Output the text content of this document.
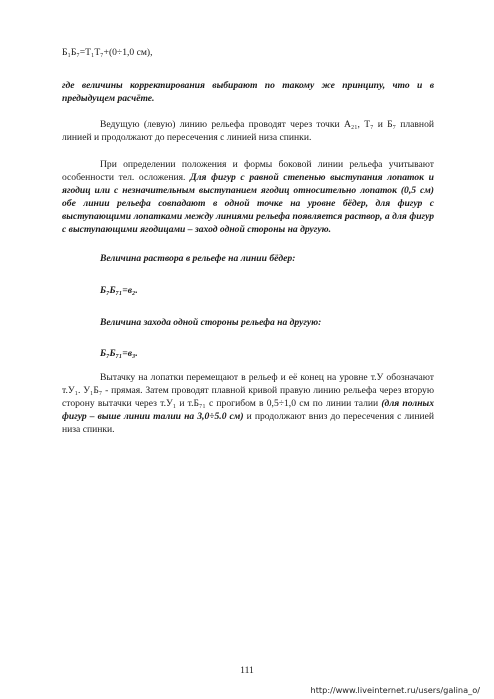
Б₁Б₇=Т₁Т₇+(0÷1,0 см),

где величины корректирования выбирают по такому же принципу, что и в предыдущем расчёте.

Ведущую (левую) линию рельефа проводят через точки А₂₁, Т₇ и Б₇ плавной линией и продолжают до пересечения с линией низа спинки.

При определении положения и формы боковой линии рельефа учитывают особенности тел. осложения. Для фигур с равной степенью выступания лопаток и ягодиц или с незначительным выступанием ягодиц относительно лопаток (0,5 см) обе линии рельефа совпадают в одной точке на уровне бёдер, для фигур с выступающими лопатками между линиями рельефа появляется раствор, а для фигур с выступающими ягодицами – заход одной стороны на другую.

Величина раствора в рельефе на линии бёдер:

Б₇Б₇₁=в₂.

Величина захода одной стороны рельефа на другую:

Б₇Б₇₁=в₃.

Вытачку на лопатки перемещают в рельеф и её конец на уровне т.У обозначают т.У₁. У₁Б₇ - прямая. Затем проводят плавной кривой правую линию рельефа через вторую сторону вытачки через т.У₁ и т.Б₇₁ с прогибом в 0,5÷1,0 см по линии талии (для полных фигур – выше линии талии на 3,0÷5.0 см) и продолжают вниз до пересечения с линией низа спинки.

111
http://www.liveinternet.ru/users/galina_o/
